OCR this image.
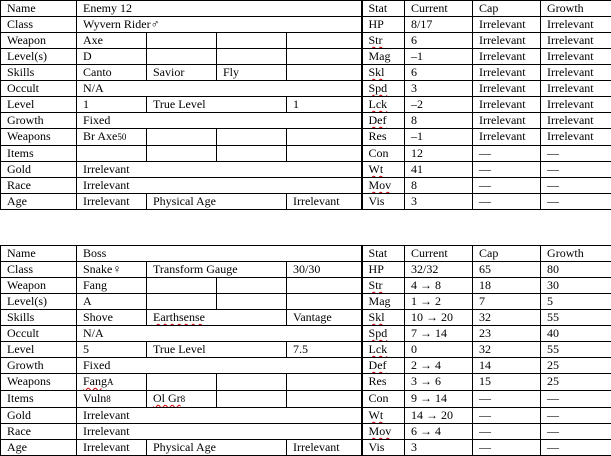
Name	Enemy 12				Stat	Current	Cap	Growth
Class	Wyvern Rider♂				HP	8/17	Irrelevant	Irrelevant
Weapon	Axe				Str	6	Irrelevant	Irrelevant
Level(s)	D				Mag	–1	Irrelevant	Irrelevant
Skills	Canto	Savior	Fly		Skl	6	Irrelevant	Irrelevant
Occult	N/A				Spd	3	Irrelevant	Irrelevant
Level	1	True Level		1	Lck	–2	Irrelevant	Irrelevant
Growth	Fixed				Def	8	Irrelevant	Irrelevant
Weapons	Br Axe50				Res	–1	Irrelevant	Irrelevant
Items					Con	12	—	—
Gold	Irrelevant				Wt	41	—	—
Race	Irrelevant				Mov	8	—	—
Age	Irrelevant	Physical Age		Irrelevant	Vis	3	—	—
Name	Boss				Stat	Current	Cap	Growth
Class	Snake♀	Transform Gauge		30/30	HP	32/32	65	80
Weapon	Fang				Str	4 → 8	18	30
Level(s)	A				Mag	1 → 2	7	5
Skills	Shove	Earthsense		Vantage	Skl	10 → 20	32	55
Occult	N/A				Spd	7 → 14	23	40
Level	5	True Level		7.5	Lck	0	32	55
Growth	Fixed				Def	2 → 4	14	25
Weapons	FangA				Res	3 → 6	15	25
Items	Vuln8	Ol Gr8			Con	9 → 14	—	—
Gold	Irrelevant				Wt	14 → 20	—	—
Race	Irrelevant				Mov	6 → 4	—	—
Age	Irrelevant	Physical Age		Irrelevant	Vis	3	—	—
